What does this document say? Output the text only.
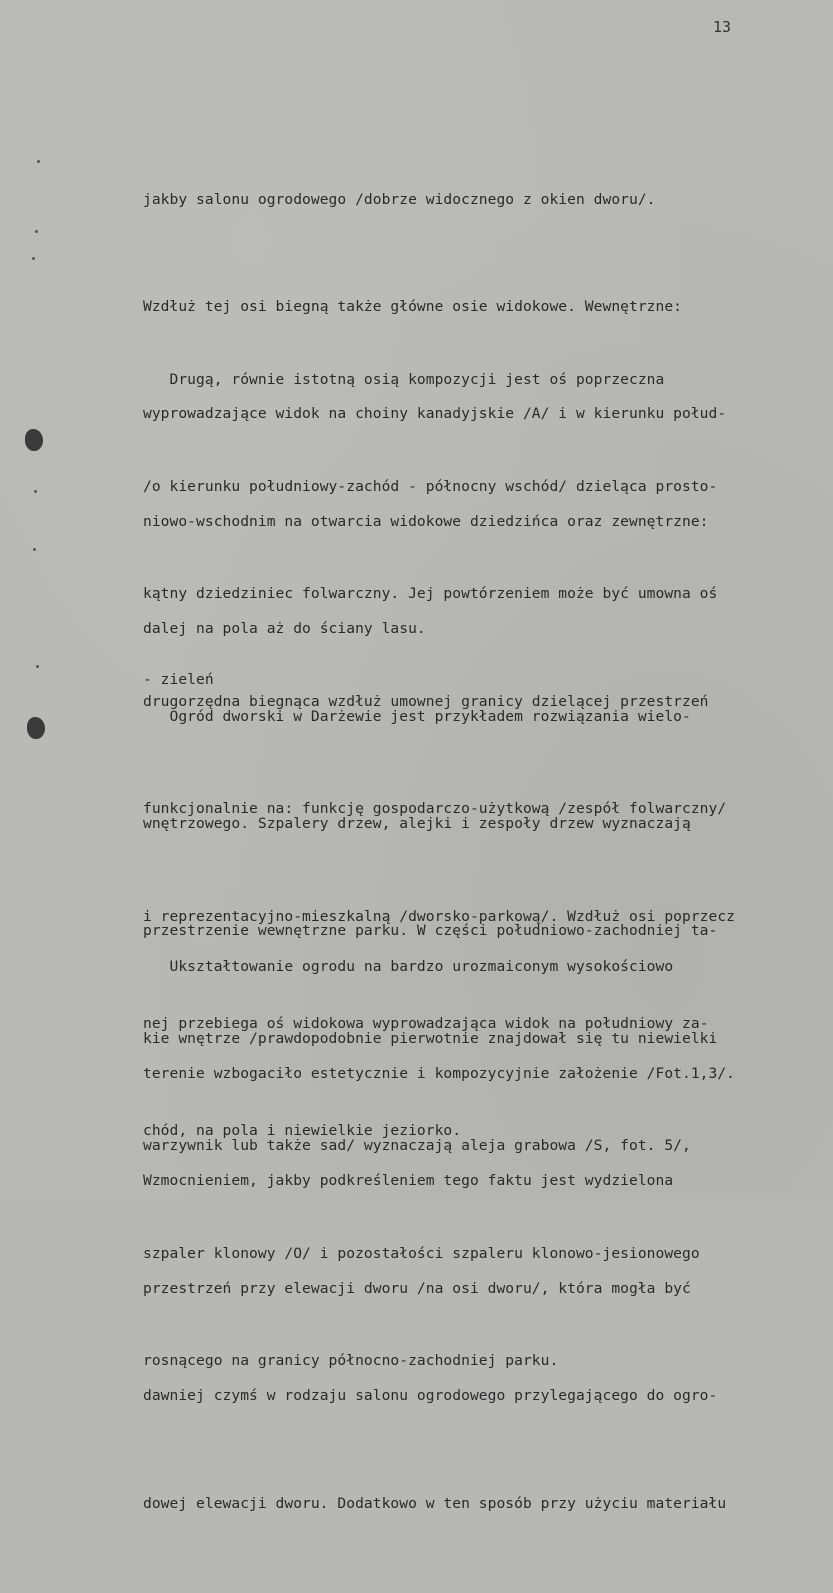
13

jakby salonu ogrodowego /dobrze widocznego z okien dworu/.

Wzdłuż tej osi biegną także główne osie widokowe. Wewnętrzne:

wyprowadzające widok na choiny kanadyjskie /A/ i w kierunku połud-

niowo-wschodnim na otwarcia widokowe dziedzińca oraz zewnętrzne:

dalej na pola aż do ściany lasu.

Drugą, równie istotną osią kompozycji jest oś poprzeczna

/o kierunku południowy-zachód - północny wschód/ dzieląca prosto-

kątny dziedziniec folwarczny. Jej powtórzeniem może być umowna oś

drugorzędna biegnąca wzdłuż umownej granicy dzielącej przestrzeń

funkcjonalnie na: funkcję gospodarczo-użytkową /zespół folwarczny/

i reprezentacyjno-mieszkalną /dworsko-parkową/. Wzdłuż osi poprzecz

nej przebiega oś widokowa wyprowadzająca widok na południowy za-

chód, na pola i niewielkie jeziorko.

- zieleń

Ogród dworski w Darżewie jest przykładem rozwiązania wielo-

wnętrzowego. Szpalery drzew, alejki i zespoły drzew wyznaczają

przestrzenie wewnętrzne parku. W części południowo-zachodniej ta-

kie wnętrze /prawdopodobnie pierwotnie znajdował się tu niewielki

warzywnik lub także sad/ wyznaczają aleja grabowa /S, fot. 5/,

szpaler klonowy /O/ i pozostałości szpaleru klonowo-jesionowego

rosnącego na granicy północno-zachodniej parku.

Ukształtowanie ogrodu na bardzo urozmaiconym wysokościowo

terenie wzbogaciło estetycznie i kompozycyjnie założenie /Fot.1,3/.

Wzmocnieniem, jakby podkreśleniem tego faktu jest wydzielona

przestrzeń przy elewacji dworu /na osi dworu/, która mogła być

dawniej czymś w rodzaju salonu ogrodowego przylegającego do ogro-

dowej elewacji dworu. Dodatkowo w ten sposób przy użyciu materiału
